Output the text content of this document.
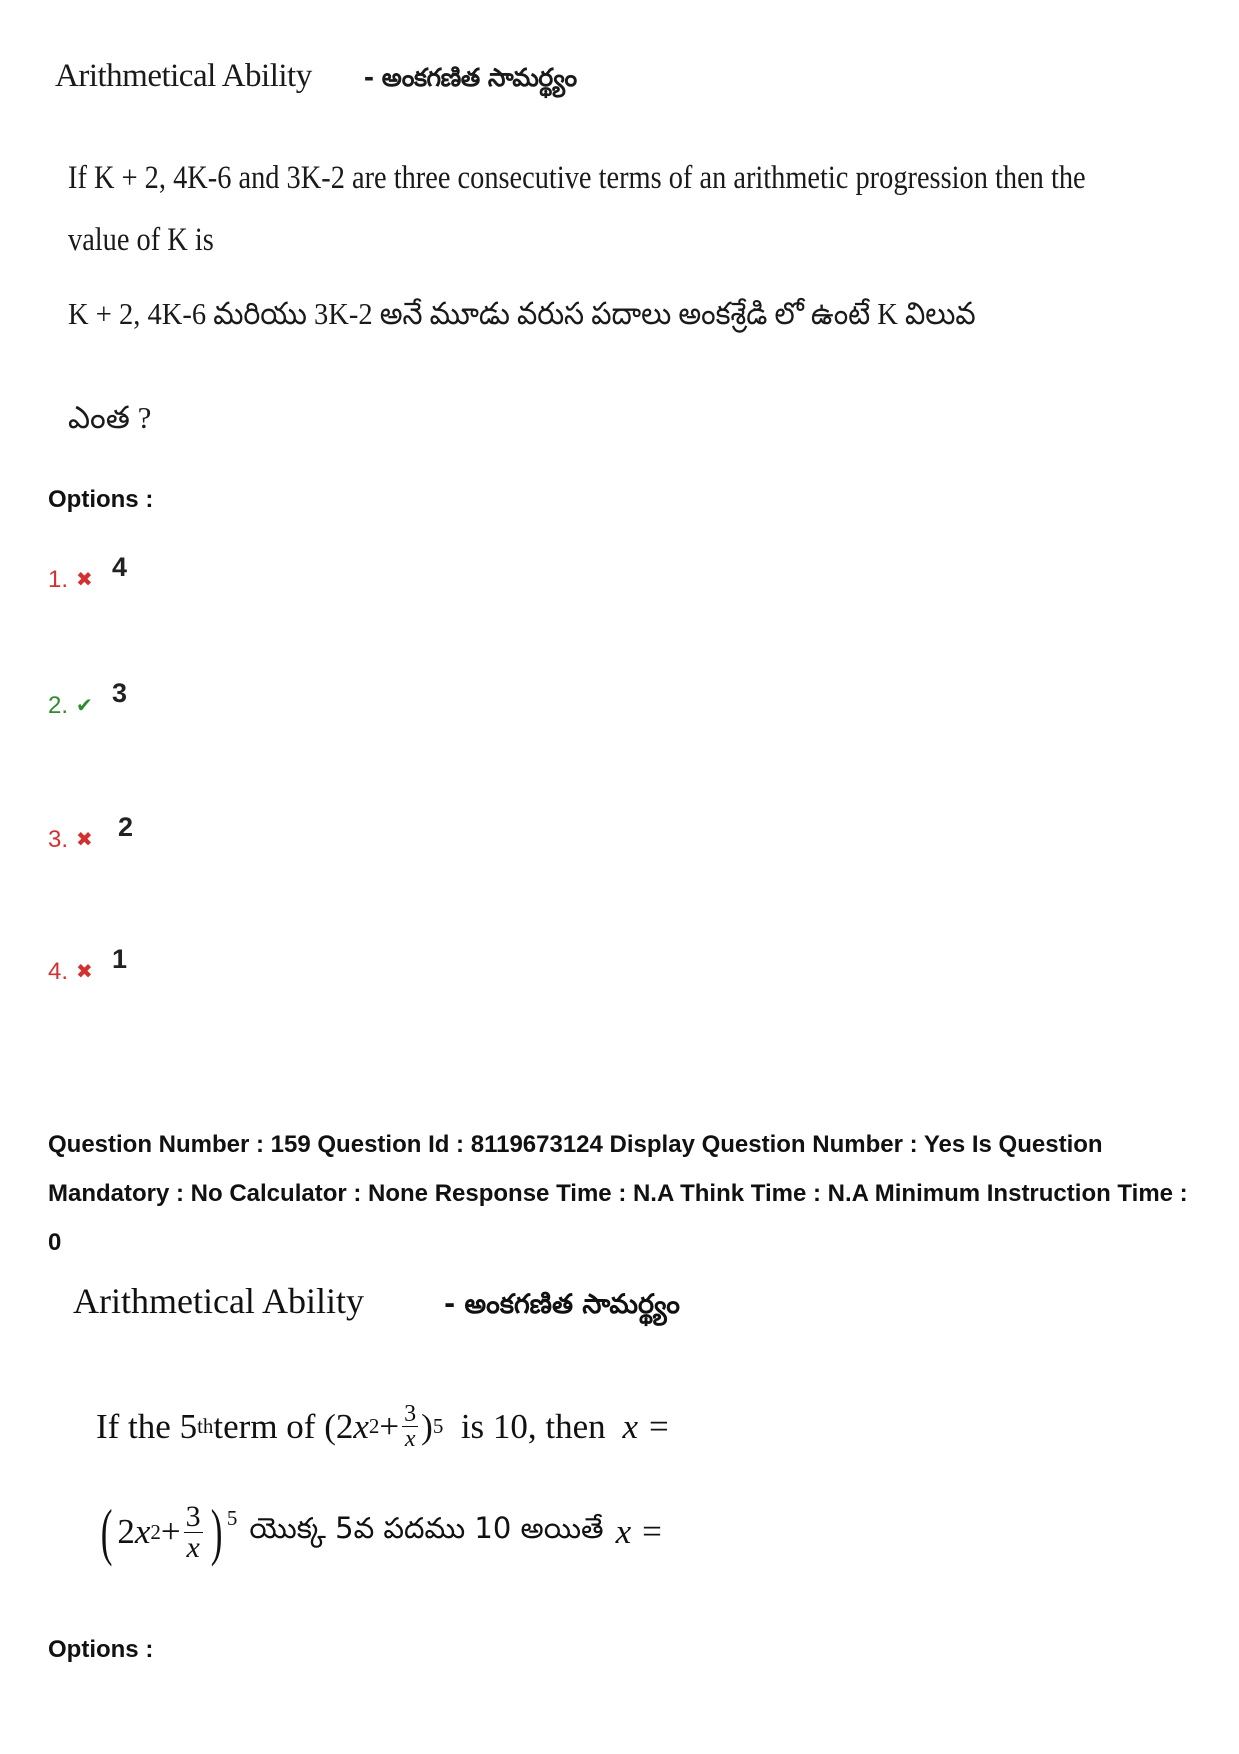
Arithmetical Ability - అంకగణిత సామర్థ్యం
If K + 2, 4K-6 and 3K-2 are three consecutive terms of an arithmetic progression then the
value of K is
K + 2, 4K-6 మరియు 3K-2 అనే మూడు వరుస పదాలు అంకశ్రేడి లో ఉంటే K విలువ
ఎంత ?
Options :
1. ✖ 4
2. ✔ 3
3. ✖ 2
4. ✖ 1
Question Number : 159 Question Id : 8119673124 Display Question Number : Yes Is Question Mandatory : No Calculator : None Response Time : N.A Think Time : N.A Minimum Instruction Time : 0
Arithmetical Ability	- అంకగణిత సామర్థ్యం
If the 5 th term of (2 x $2 + \frac{3}{x}$ ) 5 is 10, then x =
( 2 x $2 + \frac{3}{x} )^5$ యొక్క 5వ పదము 10 అయితే x =
Options :
